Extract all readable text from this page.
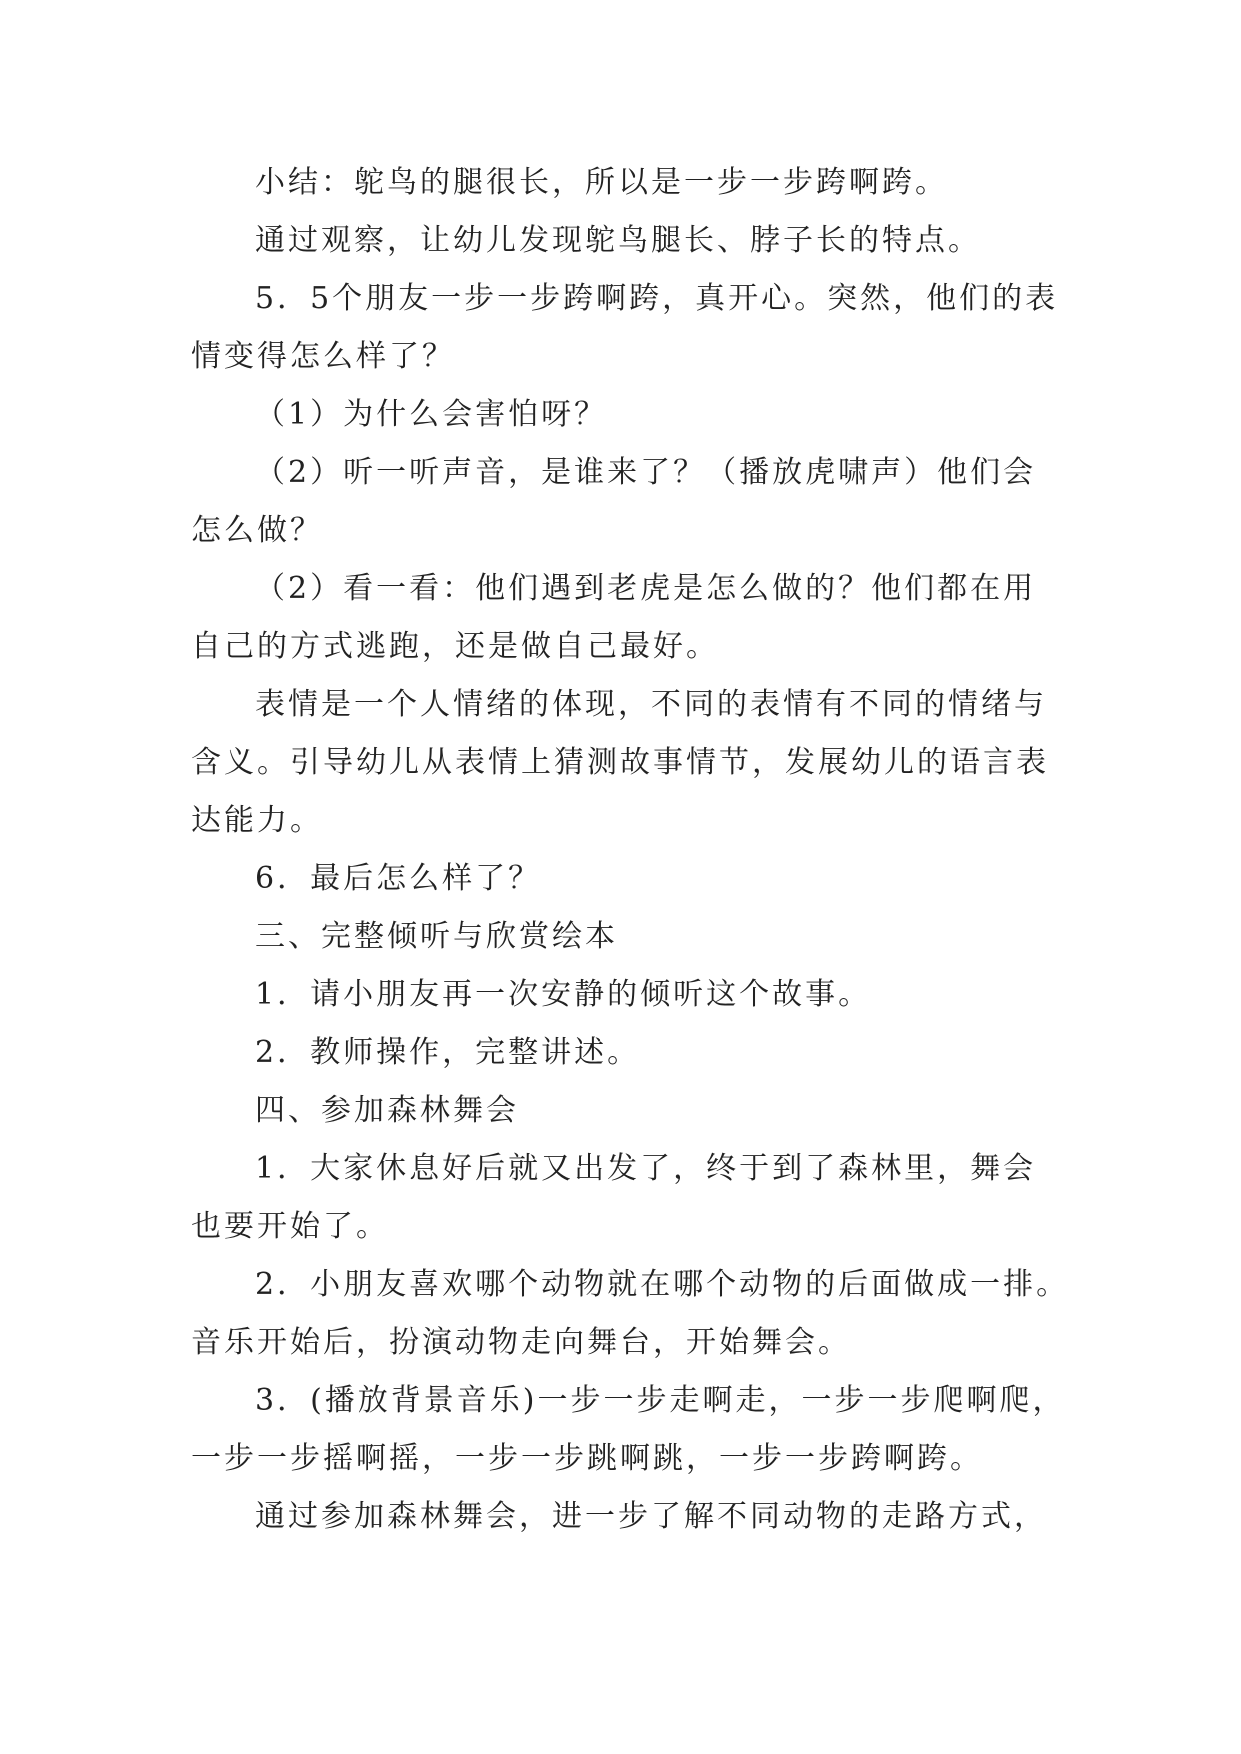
小结：鸵鸟的腿很长，所以是一步一步跨啊跨。
通过观察，让幼儿发现鸵鸟腿长、脖子长的特点。
5．5个朋友一步一步跨啊跨，真开心。突然，他们的表
情变得怎么样了？
（1）为什么会害怕呀？
（2）听一听声音，是谁来了？（播放虎啸声）他们会
怎么做？
（2）看一看：他们遇到老虎是怎么做的？他们都在用
自己的方式逃跑，还是做自己最好。
表情是一个人情绪的体现，不同的表情有不同的情绪与
含义。引导幼儿从表情上猜测故事情节，发展幼儿的语言表
达能力。
6．最后怎么样了？
三、完整倾听与欣赏绘本
1．请小朋友再一次安静的倾听这个故事。
2．教师操作，完整讲述。
四、参加森林舞会
1．大家休息好后就又出发了，终于到了森林里，舞会
也要开始了。
2．小朋友喜欢哪个动物就在哪个动物的后面做成一排。
音乐开始后，扮演动物走向舞台，开始舞会。
3．(播放背景音乐)一步一步走啊走，一步一步爬啊爬，
一步一步摇啊摇，一步一步跳啊跳，一步一步跨啊跨。
通过参加森林舞会，进一步了解不同动物的走路方式，
